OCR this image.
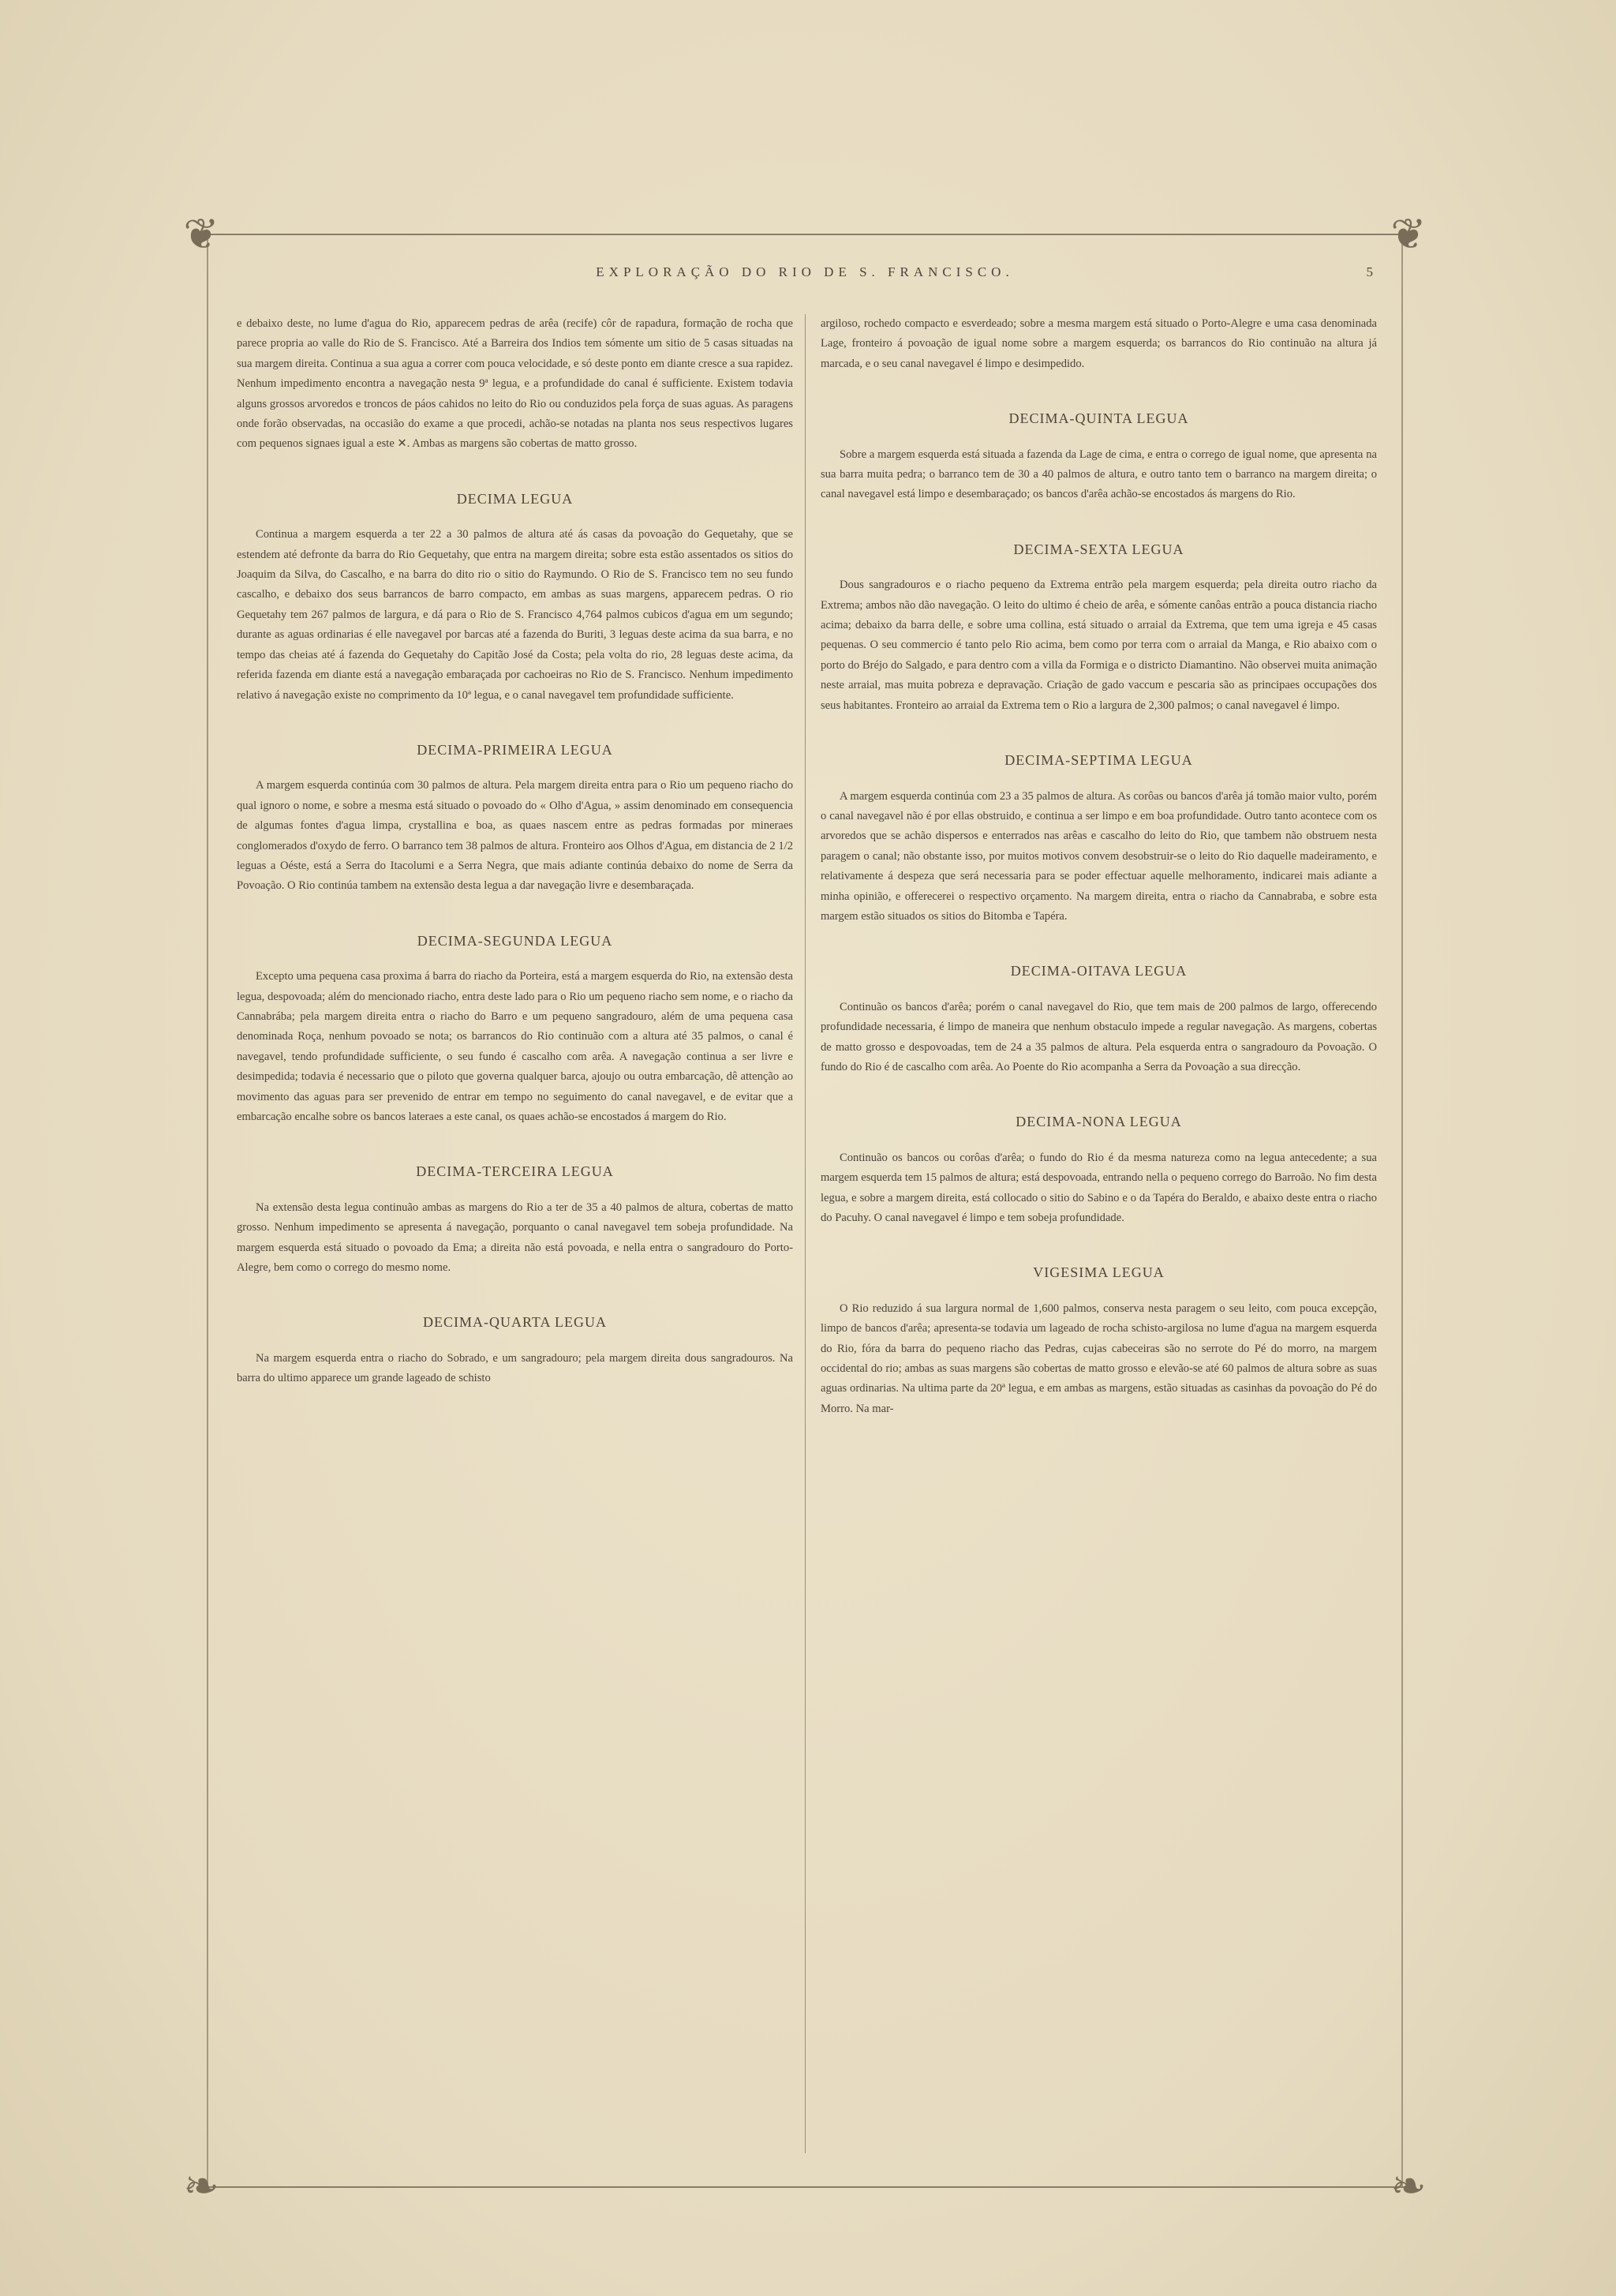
❦	❦
❧	❧
EXPLORAÇÃO DO RIO DE S. FRANCISCO.	5

e debaixo deste, no lume d'agua do Rio, apparecem pedras de arêa (recife) côr de rapadura, formação de rocha que parece propria ao valle do Rio de S. Francisco. Até a Barreira dos Indios tem sómente um sitio de 5 casas situadas na sua margem direita. Continua a sua agua a correr com pouca velocidade, e só deste ponto em diante cresce a sua rapidez. Nenhum impedimento encontra a navegação nesta 9ª legua, e a profundidade do canal é sufficiente. Existem todavia alguns grossos arvoredos e troncos de páos cahidos no leito do Rio ou conduzidos pela força de suas aguas. As paragens onde forão observadas, na occasião do exame a que procedi, achão-se notadas na planta nos seus respectivos lugares com pequenos signaes igual a este ✕. Ambas as margens são cobertas de matto grosso.

DECIMA LEGUA

Continua a margem esquerda a ter 22 a 30 palmos de altura até ás casas da povoação do Gequetahy, que se estendem até defronte da barra do Rio Gequetahy, que entra na margem direita; sobre esta estão assentados os sitios do Joaquim da Silva, do Cascalho, e na barra do dito rio o sitio do Raymundo. O Rio de S. Francisco tem no seu fundo cascalho, e debaixo dos seus barrancos de barro compacto, em ambas as suas margens, apparecem pedras. O rio Gequetahy tem 267 palmos de largura, e dá para o Rio de S. Francisco 4,764 palmos cubicos d'agua em um segundo; durante as aguas ordinarias é elle navegavel por barcas até a fazenda do Buriti, 3 leguas deste acima da sua barra, e no tempo das cheias até á fazenda do Gequetahy do Capitão José da Costa; pela volta do rio, 28 leguas deste acima, da referida fazenda em diante está a navegação embaraçada por cachoeiras no Rio de S. Francisco. Nenhum impedimento relativo á navegação existe no comprimento da 10ª legua, e o canal navegavel tem profundidade sufficiente.

DECIMA-PRIMEIRA LEGUA

A margem esquerda continúa com 30 palmos de altura. Pela margem direita entra para o Rio um pequeno riacho do qual ignoro o nome, e sobre a mesma está situado o povoado do « Olho d'Agua, » assim denominado em consequencia de algumas fontes d'agua limpa, crystallina e boa, as quaes nascem entre as pedras formadas por mineraes conglomerados d'oxydo de ferro. O barranco tem 38 palmos de altura. Fronteiro aos Olhos d'Agua, em distancia de 2 1/2 leguas a Oéste, está a Serra do Itacolumi e a Serra Negra, que mais adiante continúa debaixo do nome de Serra da Povoação. O Rio continúa tambem na extensão desta legua a dar navegação livre e desembaraçada.

DECIMA-SEGUNDA LEGUA

Excepto uma pequena casa proxima á barra do riacho da Porteira, está a margem esquerda do Rio, na extensão desta legua, despovoada; além do mencionado riacho, entra deste lado para o Rio um pequeno riacho sem nome, e o riacho da Cannabrába; pela margem direita entra o riacho do Barro e um pequeno sangradouro, além de uma pequena casa denominada Roça, nenhum povoado se nota; os barrancos do Rio continuão com a altura até 35 palmos, o canal é navegavel, tendo profundidade sufficiente, o seu fundo é cascalho com arêa. A navegação continua a ser livre e desimpedida; todavia é necessario que o piloto que governa qualquer barca, ajoujo ou outra embarcação, dê attenção ao movimento das aguas para ser prevenido de entrar em tempo no seguimento do canal navegavel, e de evitar que a embarcação encalhe sobre os bancos lateraes a este canal, os quaes achão-se encostados á margem do Rio.

DECIMA-TERCEIRA LEGUA

Na extensão desta legua continuão ambas as margens do Rio a ter de 35 a 40 palmos de altura, cobertas de matto grosso. Nenhum impedimento se apresenta á navegação, porquanto o canal navegavel tem sobeja profundidade. Na margem esquerda está situado o povoado da Ema; a direita não está povoada, e nella entra o sangradouro do Porto-Alegre, bem como o corrego do mesmo nome.

DECIMA-QUARTA LEGUA

Na margem esquerda entra o riacho do Sobrado, e um sangradouro; pela margem direita dous sangradouros. Na barra do ultimo apparece um grande lageado de schisto

argiloso, rochedo compacto e esverdeado; sobre a mesma margem está situado o Porto-Alegre e uma casa denominada Lage, fronteiro á povoação de igual nome sobre a margem esquerda; os barrancos do Rio continuão na altura já marcada, e o seu canal navegavel é limpo e desimpedido.

DECIMA-QUINTA LEGUA

Sobre a margem esquerda está situada a fazenda da Lage de cima, e entra o corrego de igual nome, que apresenta na sua barra muita pedra; o barranco tem de 30 a 40 palmos de altura, e outro tanto tem o barranco na margem direita; o canal navegavel está limpo e desembaraçado; os bancos d'arêa achão-se encostados ás margens do Rio.

DECIMA-SEXTA LEGUA

Dous sangradouros e o riacho pequeno da Extrema entrão pela margem esquerda; pela direita outro riacho da Extrema; ambos não dão navegação. O leito do ultimo é cheio de arêa, e sómente canôas entrão a pouca distancia riacho acima; debaixo da barra delle, e sobre uma collina, está situado o arraial da Extrema, que tem uma igreja e 45 casas pequenas. O seu commercio é tanto pelo Rio acima, bem como por terra com o arraial da Manga, e Rio abaixo com o porto do Bréjo do Salgado, e para dentro com a villa da Formiga e o districto Diamantino. Não observei muita animação neste arraial, mas muita pobreza e depravação. Criação de gado vaccum e pescaria são as principaes occupações dos seus habitantes. Fronteiro ao arraial da Extrema tem o Rio a largura de 2,300 palmos; o canal navegavel é limpo.

DECIMA-SEPTIMA LEGUA

A margem esquerda continúa com 23 a 35 palmos de altura. As corôas ou bancos d'arêa já tomão maior vulto, porém o canal navegavel não é por ellas obstruido, e continua a ser limpo e em boa profundidade. Outro tanto acontece com os arvoredos que se achão dispersos e enterrados nas arêas e cascalho do leito do Rio, que tambem não obstruem nesta paragem o canal; não obstante isso, por muitos motivos convem desobstruir-se o leito do Rio daquelle madeiramento, e relativamente á despeza que será necessaria para se poder effectuar aquelle melhoramento, indicarei mais adiante a minha opinião, e offerecerei o respectivo orçamento. Na margem direita, entra o riacho da Cannabraba, e sobre esta margem estão situados os sitios do Bitomba e Tapéra.

DECIMA-OITAVA LEGUA

Continuão os bancos d'arêa; porém o canal navegavel do Rio, que tem mais de 200 palmos de largo, offerecendo profundidade necessaria, é limpo de maneira que nenhum obstaculo impede a regular navegação. As margens, cobertas de matto grosso e despovoadas, tem de 24 a 35 palmos de altura. Pela esquerda entra o sangradouro da Povoação. O fundo do Rio é de cascalho com arêa. Ao Poente do Rio acompanha a Serra da Povoação a sua direcção.

DECIMA-NONA LEGUA

Continuão os bancos ou corôas d'arêa; o fundo do Rio é da mesma natureza como na legua antecedente; a sua margem esquerda tem 15 palmos de altura; está despovoada, entrando nella o pequeno corrego do Barroão. No fim desta legua, e sobre a margem direita, está collocado o sitio do Sabino e o da Tapéra do Beraldo, e abaixo deste entra o riacho do Pacuhy. O canal navegavel é limpo e tem sobeja profundidade.

VIGESIMA LEGUA

O Rio reduzido á sua largura normal de 1,600 palmos, conserva nesta paragem o seu leito, com pouca excepção, limpo de bancos d'arêa; apresenta-se todavia um lageado de rocha schisto-argilosa no lume d'agua na margem esquerda do Rio, fóra da barra do pequeno riacho das Pedras, cujas cabeceiras são no serrote do Pé do morro, na margem occidental do rio; ambas as suas margens são cobertas de matto grosso e elevão-se até 60 palmos de altura sobre as suas aguas ordinarias. Na ultima parte da 20ª legua, e em ambas as margens, estão situadas as casinhas da povoação do Pé do Morro. Na mar-
